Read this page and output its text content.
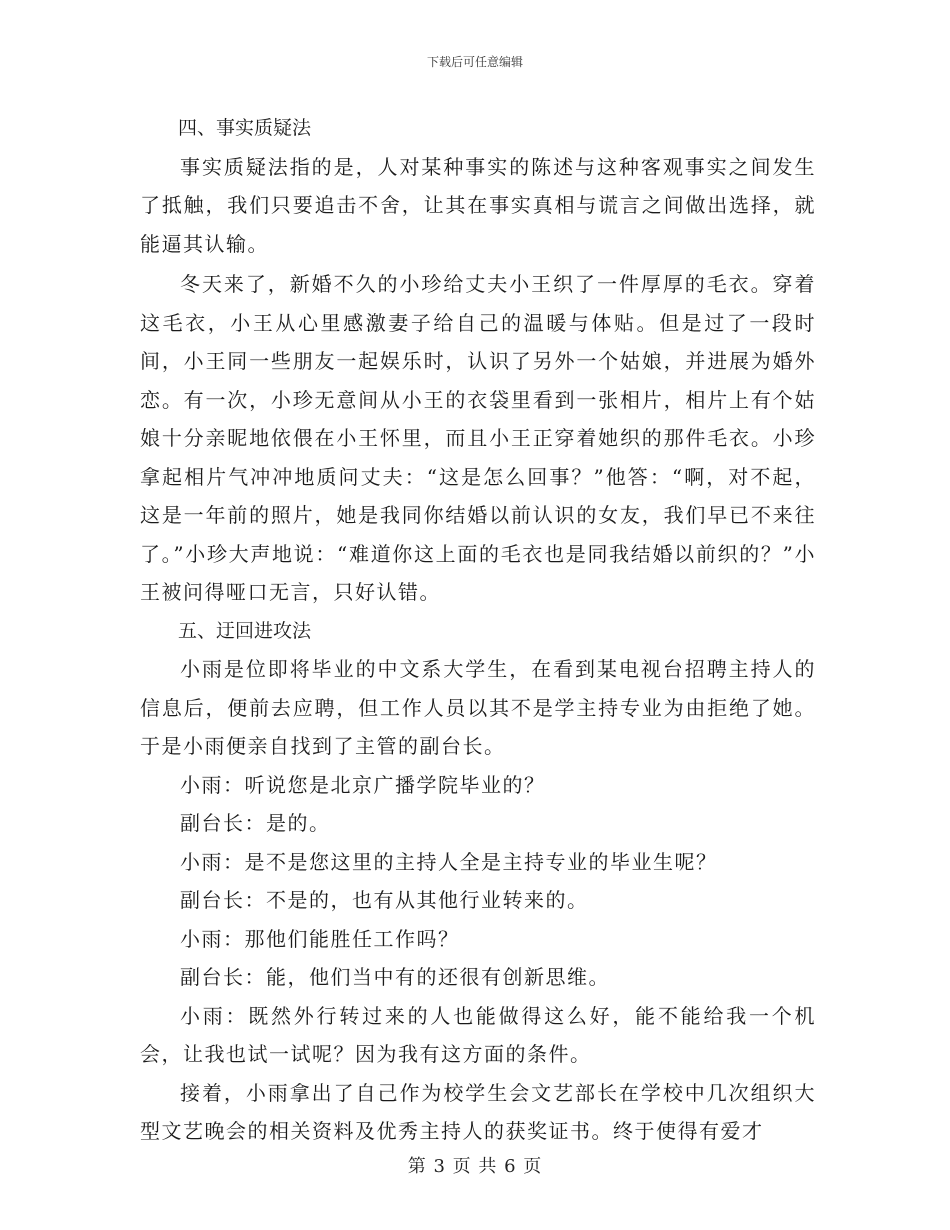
下载后可任意编辑

四、事实质疑法

事实质疑法指的是，人对某种事实的陈述与这种客观事实之间发生了抵触，我们只要追击不舍，让其在事实真相与谎言之间做出选择，就能逼其认输。

冬天来了，新婚不久的小珍给丈夫小王织了一件厚厚的毛衣。穿着这毛衣，小王从心里感激妻子给自己的温暖与体贴。但是过了一段时间，小王同一些朋友一起娱乐时，认识了另外一个姑娘，并进展为婚外恋。有一次，小珍无意间从小王的衣袋里看到一张相片，相片上有个姑娘十分亲昵地依偎在小王怀里，而且小王正穿着她织的那件毛衣。小珍拿起相片气冲冲地质问丈夫：“这是怎么回事？”他答：“啊，对不起，这是一年前的照片，她是我同你结婚以前认识的女友，我们早已不来往了。”小珍大声地说：“难道你这上面的毛衣也是同我结婚以前织的？”小王被问得哑口无言，只好认错。

五、迂回进攻法

小雨是位即将毕业的中文系大学生，在看到某电视台招聘主持人的信息后，便前去应聘，但工作人员以其不是学主持专业为由拒绝了她。于是小雨便亲自找到了主管的副台长。

小雨：听说您是北京广播学院毕业的？

副台长：是的。

小雨：是不是您这里的主持人全是主持专业的毕业生呢？

副台长：不是的，也有从其他行业转来的。

小雨：那他们能胜任工作吗？

副台长：能，他们当中有的还很有创新思维。

小雨：既然外行转过来的人也能做得这么好，能不能给我一个机会，让我也试一试呢？因为我有这方面的条件。

接着，小雨拿出了自己作为校学生会文艺部长在学校中几次组织大型文艺晚会的相关资料及优秀主持人的获奖证书。终于使得有爱才

第 3 页 共 6 页
